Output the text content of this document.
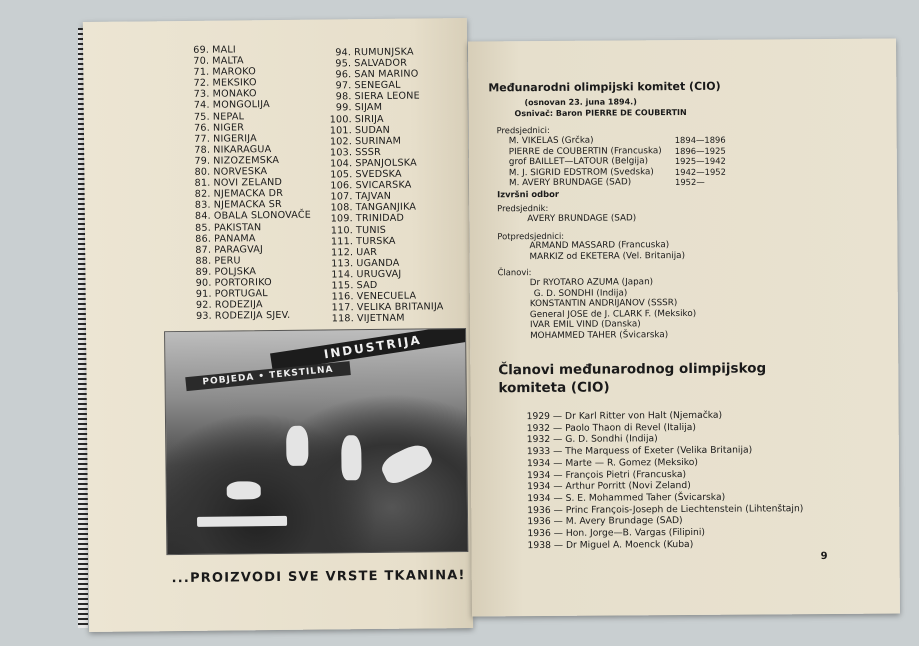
69. MALI
70. MALTA
71. MAROKO
72. MEKSIKO
73. MONAKO
74. MONGOLIJA
75. NEPAL
76. NIGER
77. NIGERIJA
78. NIKARAGUA
79. NIZOZEMSKA
80. NORVESKA
81. NOVI ZELAND
82. NJEMACKA DR
83. NJEMACKA SR
84. OBALA SLONOVAČE
85. PAKISTAN
86. PANAMA
87. PARAGVAJ
88. PERU
89. POLJSKA
90. PORTORIKO
91. PORTUGAL
92. RODEZIJA
93. RODEZIJA SJEV.
94. RUMUNJSKA
95. SALVADOR
96. SAN MARINO
97. SENEGAL
98. SIERA LEONE
99. SIJAM
100. SIRIJA
101. SUDAN
102. SURINAM
103. SSSR
104. SPANJOLSKA
105. SVEDSKA
106. SVICARSKA
107. TAJVAN
108. TANGANJIKA
109. TRINIDAD
110. TUNIS
111. TURSKA
112. UAR
113. UGANDA
114. URUGVAJ
115. SAD
116. VENECUELA
117. VELIKA BRITANIJA
118. VIJETNAM
INDUSTRIJA
POBJEDA • TEKSTILNA
...PROIZVODI SVE VRSTE TKANINA!
Međunarodni olimpijski komitet (CIO)
(osnovan 23. juna 1894.)
Osnivač: Baron PIERRE DE COUBERTIN
Predsjednici:
M. VIKELAS (Grčka)	1894—1896
PIERRE de COUBERTIN (Francuska) 1896—1925
grof BAILLET—LATOUR (Belgija)	1925—1942
M. J. SIGRID EDSTROM (Svedska)	1942—1952
M. AVERY BRUNDAGE (SAD)	1952—
Izvršni odbor
Predsjednik:
AVERY BRUNDAGE (SAD)
Potpredsjednici:
ARMAND MASSARD (Francuska)
MARKIZ od EKETERA (Vel. Britanija)
Članovi:
Dr RYOTARO AZUMA (Japan)
G. D. SONDHI (Indija)
KONSTANTIN ANDRIJANOV (SSSR)
General JOSE de J. CLARK F. (Meksiko)
IVAR EMIL VIND (Danska)
MOHAMMED TAHER (Švicarska)
Članovi međunarodnog olimpijskog komiteta (CIO)
1929 — Dr Karl Ritter von Halt (Njemačka)
1932 — Paolo Thaon di Revel (Italija)
1932 — G. D. Sondhi (Indija)
1933 — The Marquess of Exeter (Velika Britanija)
1934 — Marte — R. Gomez (Meksiko)
1934 — François Pietri (Francuska)
1934 — Arthur Porritt (Novi Zeland)
1934 — S. E. Mohammed Taher (Švicarska)
1936 — Princ François-Joseph de Liechtenstein (Lihtenštajn)
1936 — M. Avery Brundage (SAD)
1936 — Hon. Jorge—B. Vargas (Filipini)
1938 — Dr Miguel A. Moenck (Kuba)
9
